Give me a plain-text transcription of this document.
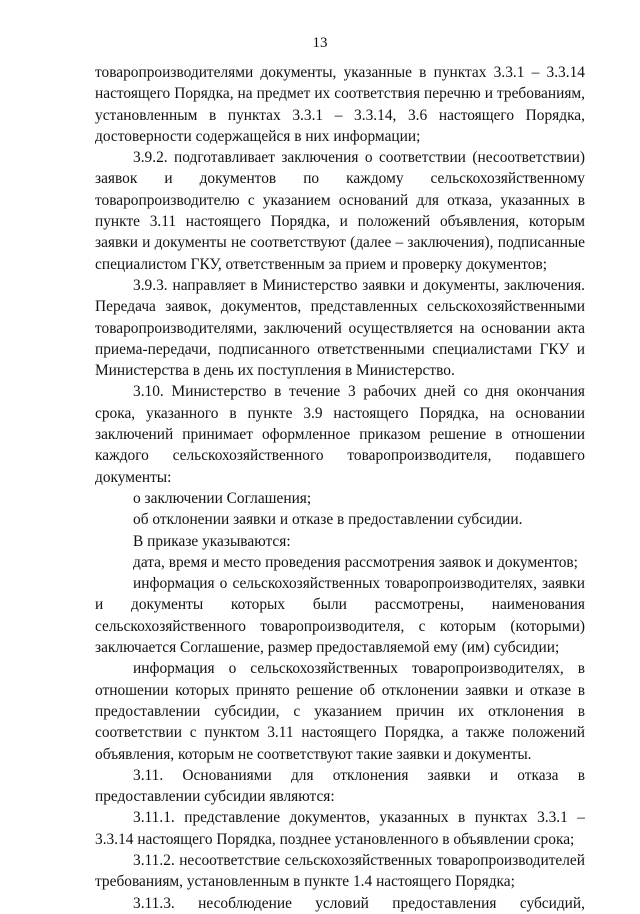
13

товаропроизводителями документы, указанные в пунктах 3.3.1 – 3.3.14 настоящего Порядка, на предмет их соответствия перечню и требованиям, установленным в пунктах 3.3.1 – 3.3.14, 3.6 настоящего Порядка, достоверности содержащейся в них информации;

3.9.2. подготавливает заключения о соответствии (несоответствии) заявок и документов по каждому сельскохозяйственному товаропроизводителю с указанием оснований для отказа, указанных в пункте 3.11 настоящего Порядка, и положений объявления, которым заявки и документы не соответствуют (далее – заключения), подписанные специалистом ГКУ, ответственным за прием и проверку документов;

3.9.3. направляет в Министерство заявки и документы, заключения. Передача заявок, документов, представленных сельскохозяйственными товаропроизводителями, заключений осуществляется на основании акта приема-передачи, подписанного ответственными специалистами ГКУ и Министерства в день их поступления в Министерство.

3.10. Министерство в течение 3 рабочих дней со дня окончания срока, указанного в пункте 3.9 настоящего Порядка, на основании заключений принимает оформленное приказом решение в отношении каждого сельскохозяйственного товаропроизводителя, подавшего документы:

о заключении Соглашения;

об отклонении заявки и отказе в предоставлении субсидии.

В приказе указываются:

дата, время и место проведения рассмотрения заявок и документов;

информация о сельскохозяйственных товаропроизводителях, заявки и документы которых были рассмотрены, наименования сельскохозяйственного товаропроизводителя, с которым (которыми) заключается Соглашение, размер предоставляемой ему (им) субсидии;

информация о сельскохозяйственных товаропроизводителях, в отношении которых принято решение об отклонении заявки и отказе в предоставлении субсидии, с указанием причин их отклонения в соответствии с пунктом 3.11 настоящего Порядка, а также положений объявления, которым не соответствуют такие заявки и документы.

3.11. Основаниями для отклонения заявки и отказа в предоставлении субсидии являются:

3.11.1. представление документов, указанных в пунктах 3.3.1 – 3.3.14 настоящего Порядка, позднее установленного в объявлении срока;

3.11.2. несоответствие сельскохозяйственных товаропроизводителей требованиям, установленным в пункте 1.4 настоящего Порядка;

3.11.3. несоблюдение условий предоставления субсидий,
